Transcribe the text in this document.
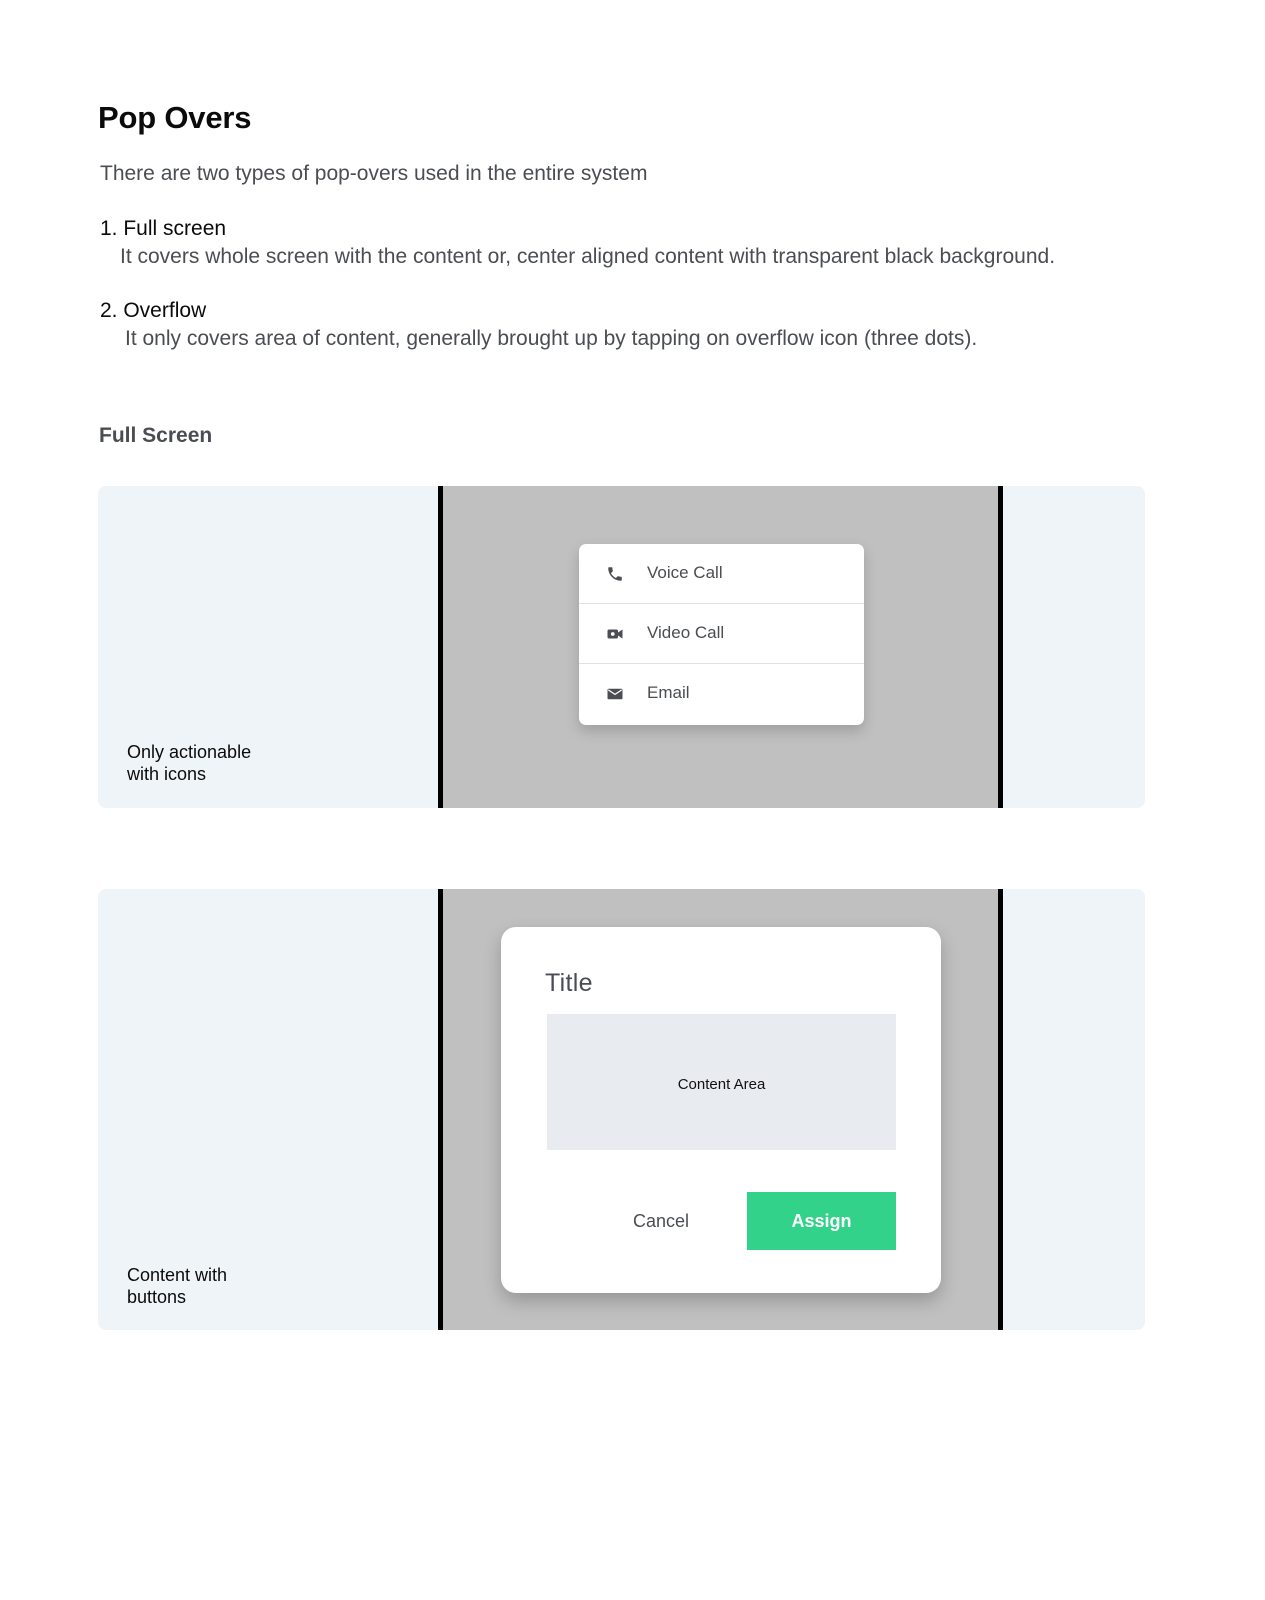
Pop Overs
There are two types of pop-overs used in the entire system
1. Full screen
It covers whole screen with the content or, center aligned content with transparent black background.
2. Overflow
It only covers area of content, generally brought up by tapping on overflow icon (three dots).
Full Screen
Only actionable
with icons
Voice Call
Video Call
Email
Content with
buttons
Title
Content Area
Cancel	Assign
